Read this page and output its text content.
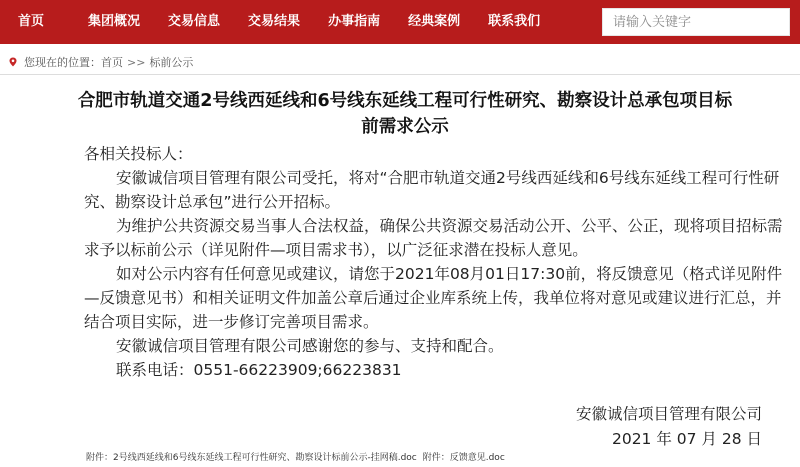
首页	集团概况	交易信息	交易结果	办事指南	经典案例	联系我们
请输入关键字
您现在的位置： 首页 >> 标前公示
合肥市轨道交通2号线西延线和6号线东延线工程可行性研究、勘察设计总承包项目标前需求公示

各相关投标人：

安徽诚信项目管理有限公司受托，将对“合肥市轨道交通2号线西延线和6号线东延线工程可行性研究、勘察设计总承包”进行公开招标。

为维护公共资源交易当事人合法权益，确保公共资源交易活动公开、公平、公正，现将项目招标需求予以标前公示（详见附件—项目需求书），以广泛征求潜在投标人意见。

如对公示内容有任何意见或建议，请您于2021年08月01日17:30前，将反馈意见（格式详见附件—反馈意见书）和相关证明文件加盖公章后通过企业库系统上传，我单位将对意见或建议进行汇总，并结合项目实际，进一步修订完善项目需求。

安徽诚信项目管理有限公司感谢您的参与、支持和配合。

联系电话：0551-66223909;66223831

安徽诚信项目管理有限公司
2021 年 07 月 28 日
附件：2号线西延线和6号线东延线工程可行性研究、勘察设计标前公示-挂网稿.doc 附件：反馈意见.doc
